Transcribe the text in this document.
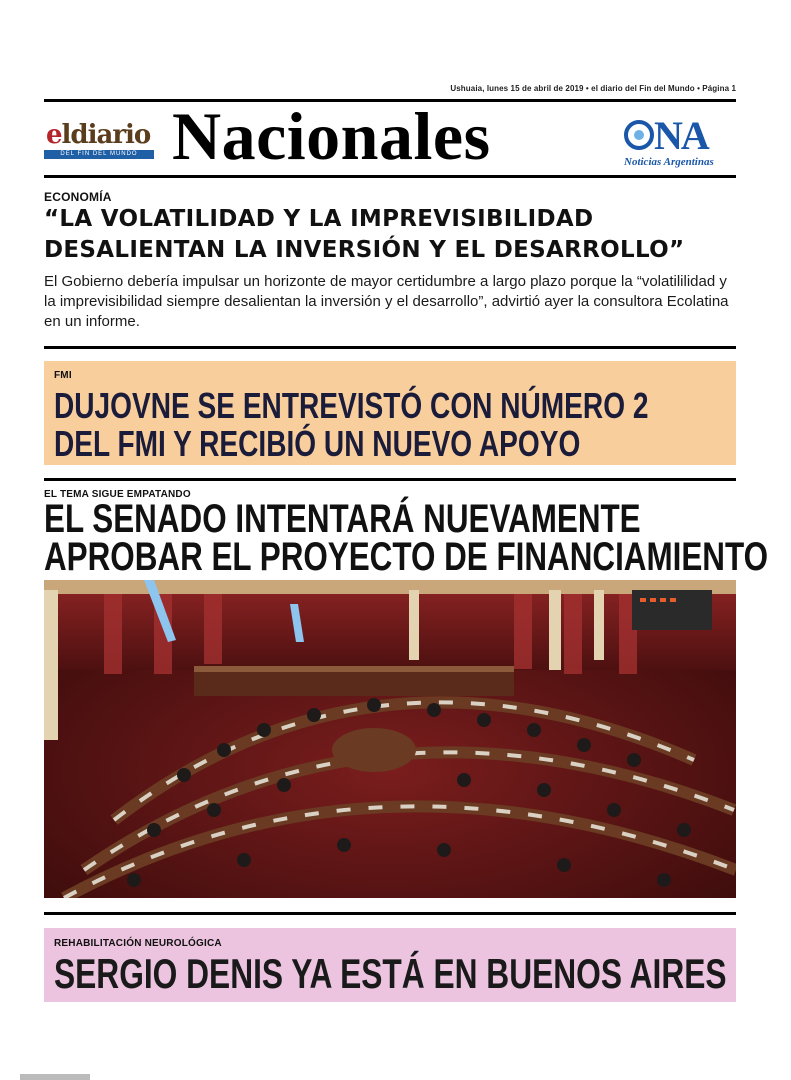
Ushuaia, lunes 15 de abril de 2019 • el diario del Fin del Mundo • Página 1
eldiario
DEL FIN DEL MUNDO Nacionales	NA
Noticias Argentinas
ECONOMÍA
“LA VOLATILIDAD Y LA IMPREVISIBILIDAD
DESALIENTAN LA INVERSIÓN Y EL DESARROLLO”
El Gobierno debería impulsar un horizonte de mayor certidumbre a largo plazo porque la “volatililidad y la imprevisibilidad siempre desalientan la inversión y el desarrollo”, advirtió ayer la consultora Ecolatina en un informe.
FMI
DUJOVNE SE ENTREVISTÓ CON NÚMERO 2
DEL FMI Y RECIBIÓ UN NUEVO APOYO
EL TEMA SIGUE EMPATANDO
EL SENADO INTENTARÁ NUEVAMENTE
APROBAR EL PROYECTO DE FINANCIAMIENTO
REHABILITACIÓN NEUROLÓGICA
SERGIO DENIS YA ESTÁ EN BUENOS AIRES
